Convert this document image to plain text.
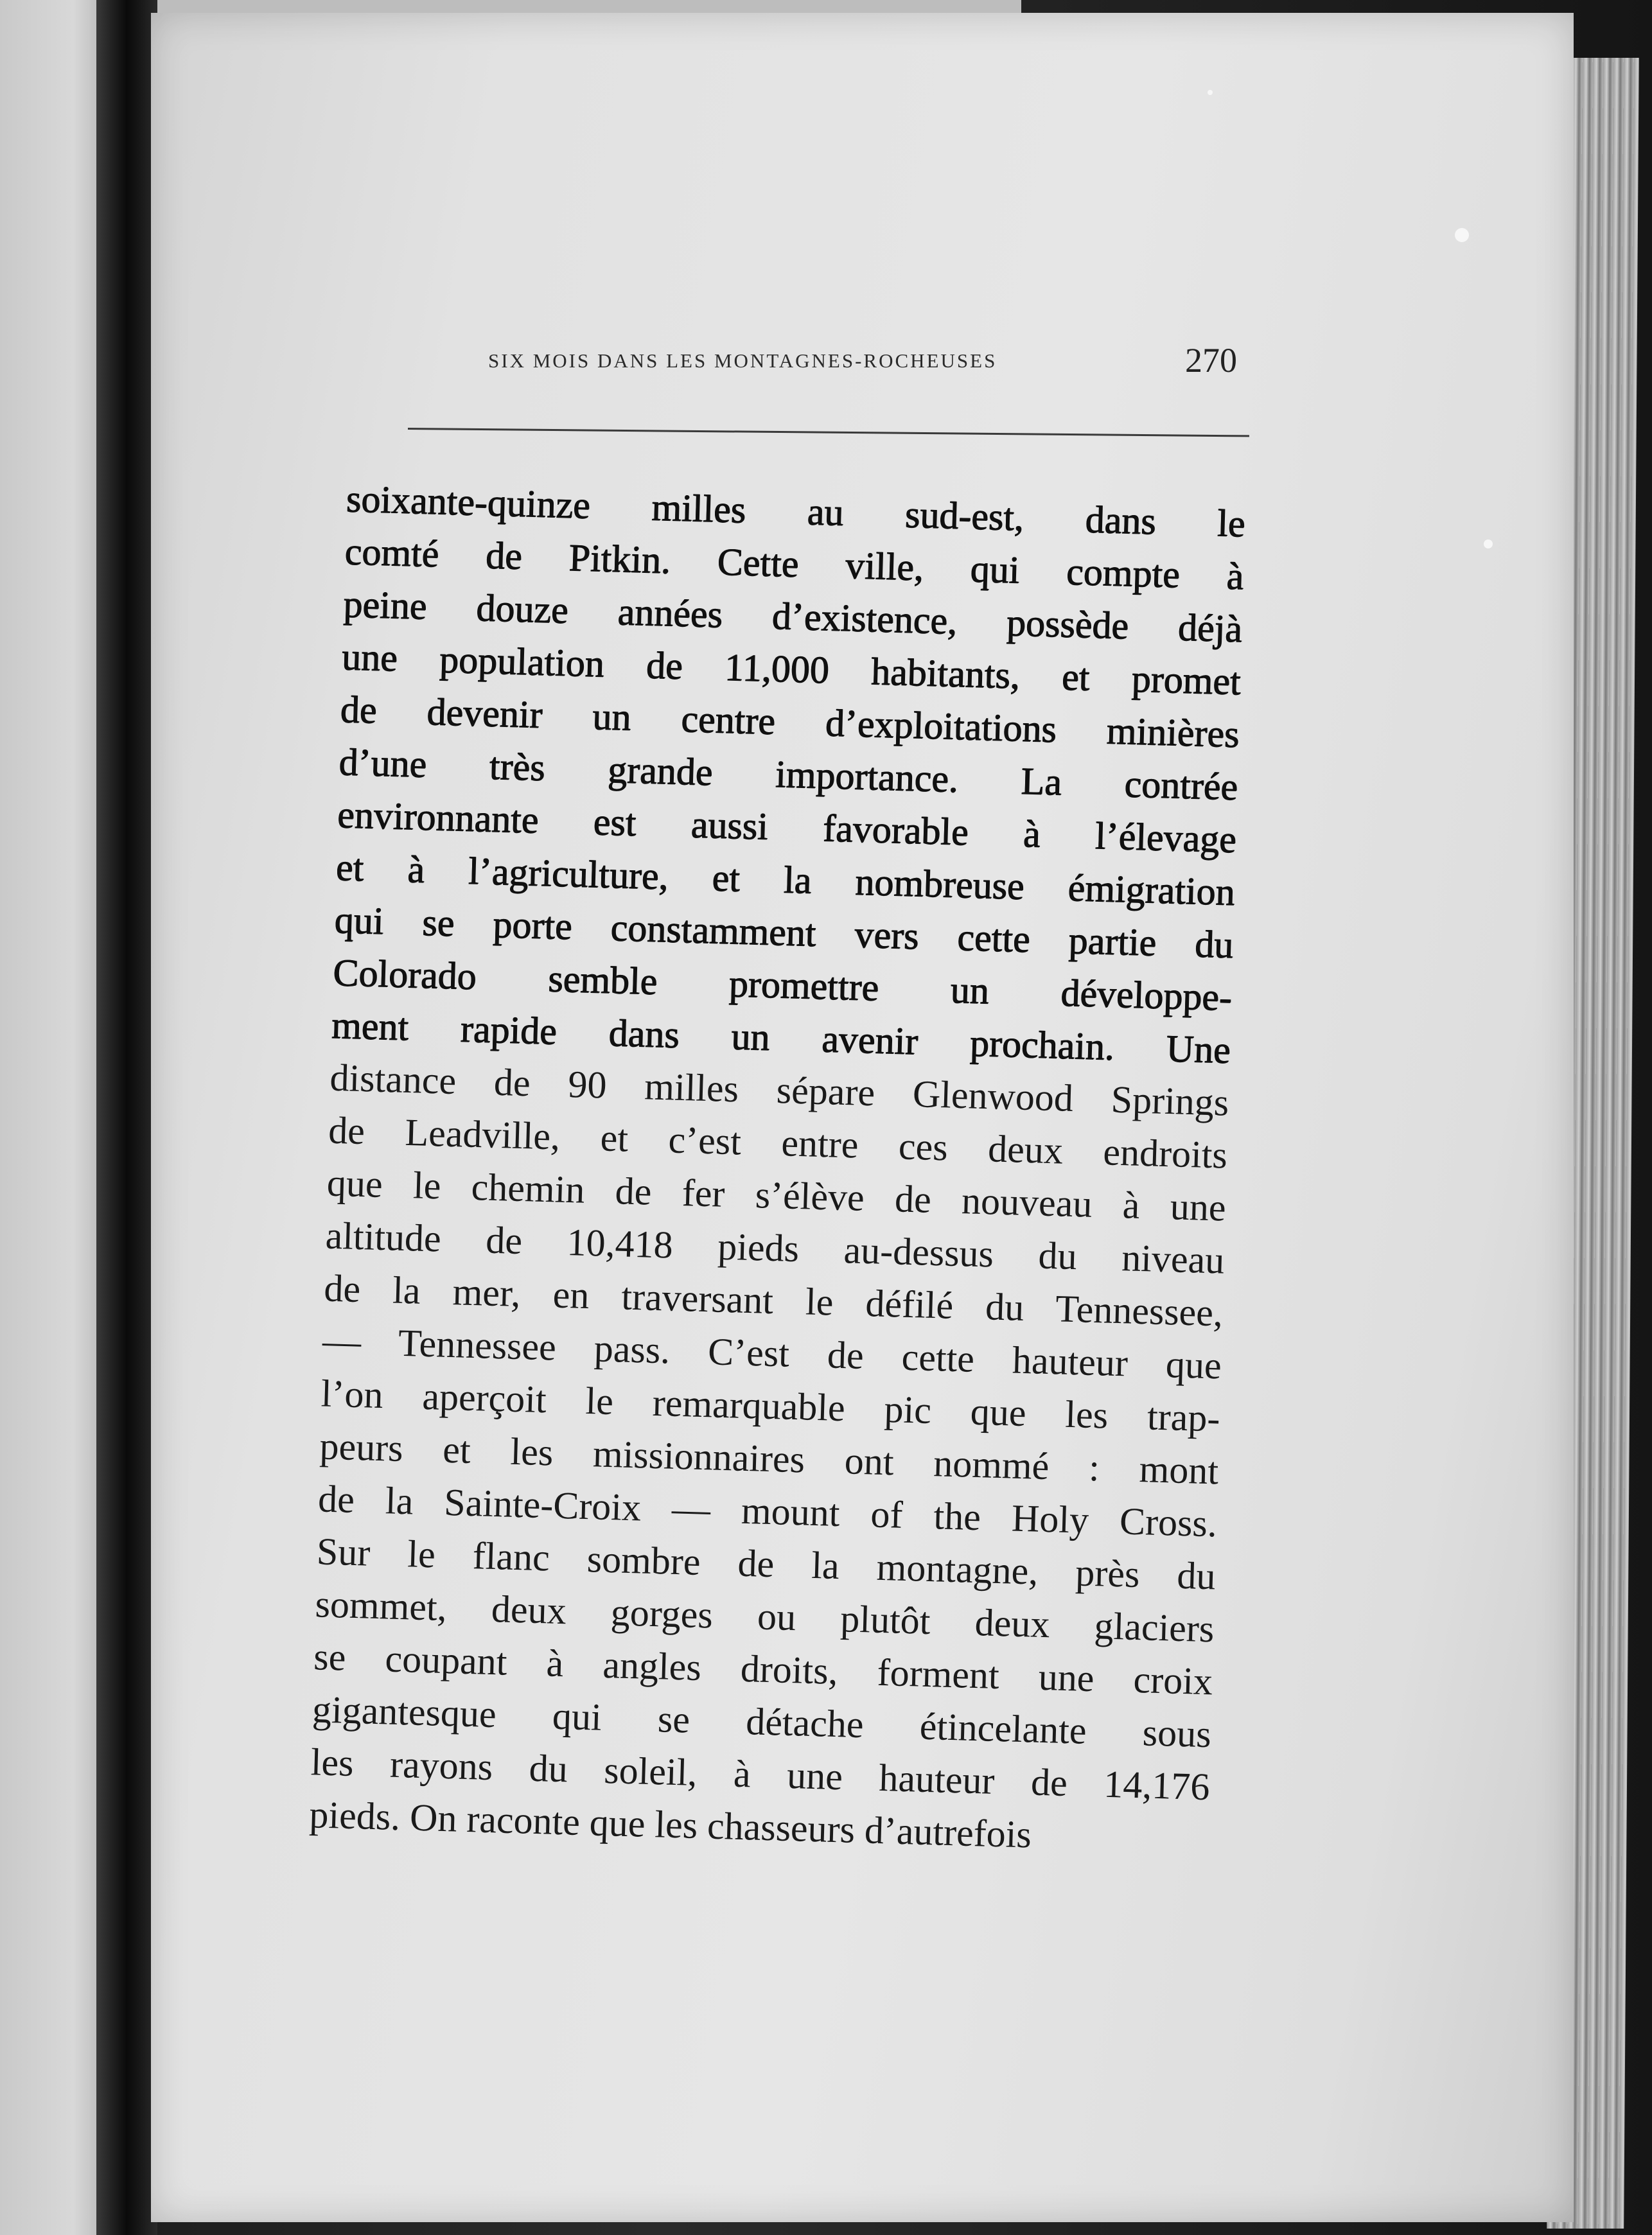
SIX MOIS DANS LES MONTAGNES-ROCHEUSES	270
soixante-quinze milles au sud-est, dans le
comté de Pitkin. Cette ville, qui compte à
peine douze années d’existence, possède déjà
une population de 11,000 habitants, et promet
de devenir un centre d’exploitations minières
d’une très grande importance. La contrée
environnante est aussi favorable à l’élevage
et à l’agriculture, et la nombreuse émigration
qui se porte constamment vers cette partie du
Colorado semble promettre un développe-
ment rapide dans un avenir prochain. Une
distance de 90 milles sépare Glenwood Springs
de Leadville, et c’est entre ces deux endroits
que le chemin de fer s’élève de nouveau à une
altitude de 10,418 pieds au-dessus du niveau
de la mer, en traversant le défilé du Tennessee,
— Tennessee pass. C’est de cette hauteur que
l’on aperçoit le remarquable pic que les trap-
peurs et les missionnaires ont nommé : mont
de la Sainte-Croix — mount of the Holy Cross.
Sur le flanc sombre de la montagne, près du
sommet, deux gorges ou plutôt deux glaciers
se coupant à angles droits, forment une croix
gigantesque qui se détache étincelante sous
les rayons du soleil, à une hauteur de 14,176
pieds. On raconte que les chasseurs d’autrefois
